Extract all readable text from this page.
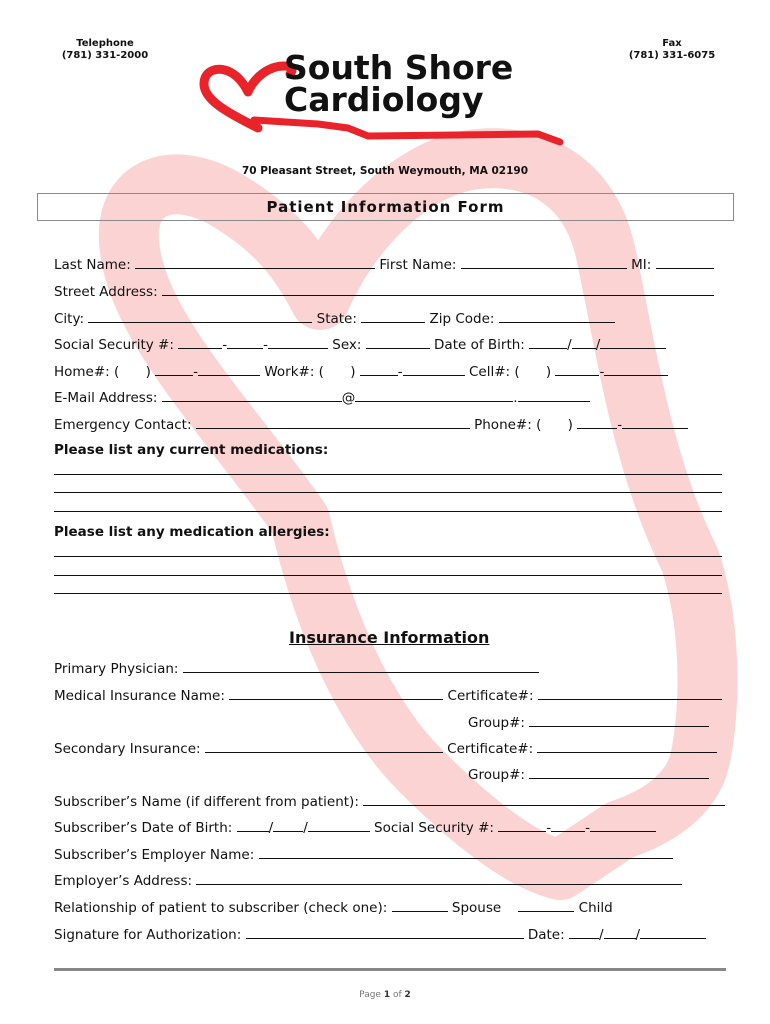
Telephone
(781) 331-2000
Fax
(781) 331-6075
South Shore
Cardiology
70 Pleasant Street, South Weymouth, MA 02190
Patient Information Form
Last Name:	First Name:	MI:
Street Address:
City:	State:	Zip Code:
Social Security #:	-	-	Sex:	Date of Birth:	/ /
Home#: ( )	-	Work#: ( )	-	Cell#: ( )	-
E-Mail Address:	@	.
Emergency Contact:	Phone#: ( )	-
Please list any current medications:
Please list any medication allergies:
Insurance Information
Primary Physician:
Medical Insurance Name:	Certificate#:
Group#:
Secondary Insurance:	Certificate#:
Group#:
Subscriber’s Name (if different from patient):
Subscriber’s Date of Birth:	/ /	Social Security #:	-	-
Subscriber’s Employer Name:
Employer’s Address:
Relationship of patient to subscriber (check one):	Spouse	Child
Signature for Authorization:	Date:	/ /
Page 1 of 2
